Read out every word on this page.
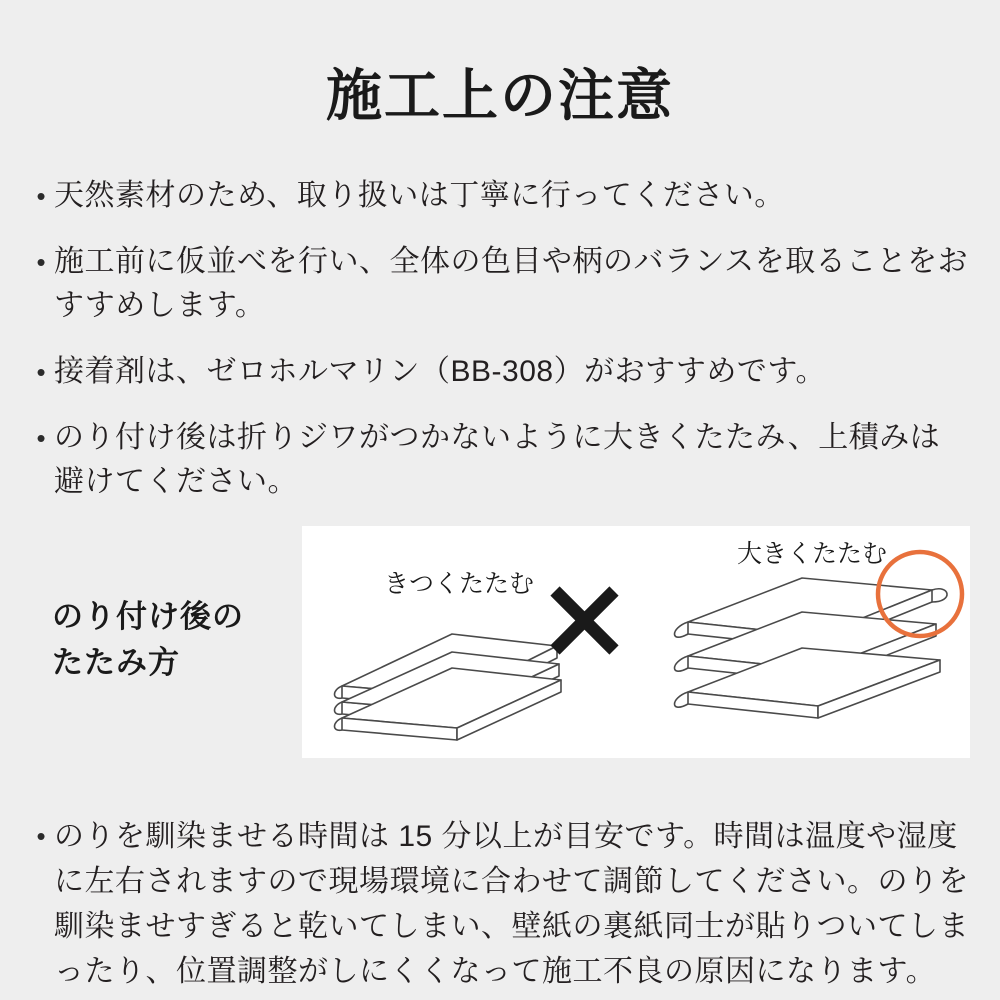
施工上の注意
• 天然素材のため、取り扱いは丁寧に行ってください。
• 施工前に仮並べを行い、全体の色目や柄のバランスを取ることをおすすめします。
• 接着剤は、ゼロホルマリン（BB-308）がおすすめです。
• のり付け後は折りジワがつかないように大きくたたみ、上積みは避けてください。
のり付け後の
たたみ方
きつくたたむ
大きくたたむ
• のりを馴染ませる時間は 15 分以上が目安です。時間は温度や湿度に左右されますので現場環境に合わせて調節してください。のりを馴染ませすぎると乾いてしまい、壁紙の裏紙同士が貼りついてしまったり、位置調整がしにくくなって施工不良の原因になります。
